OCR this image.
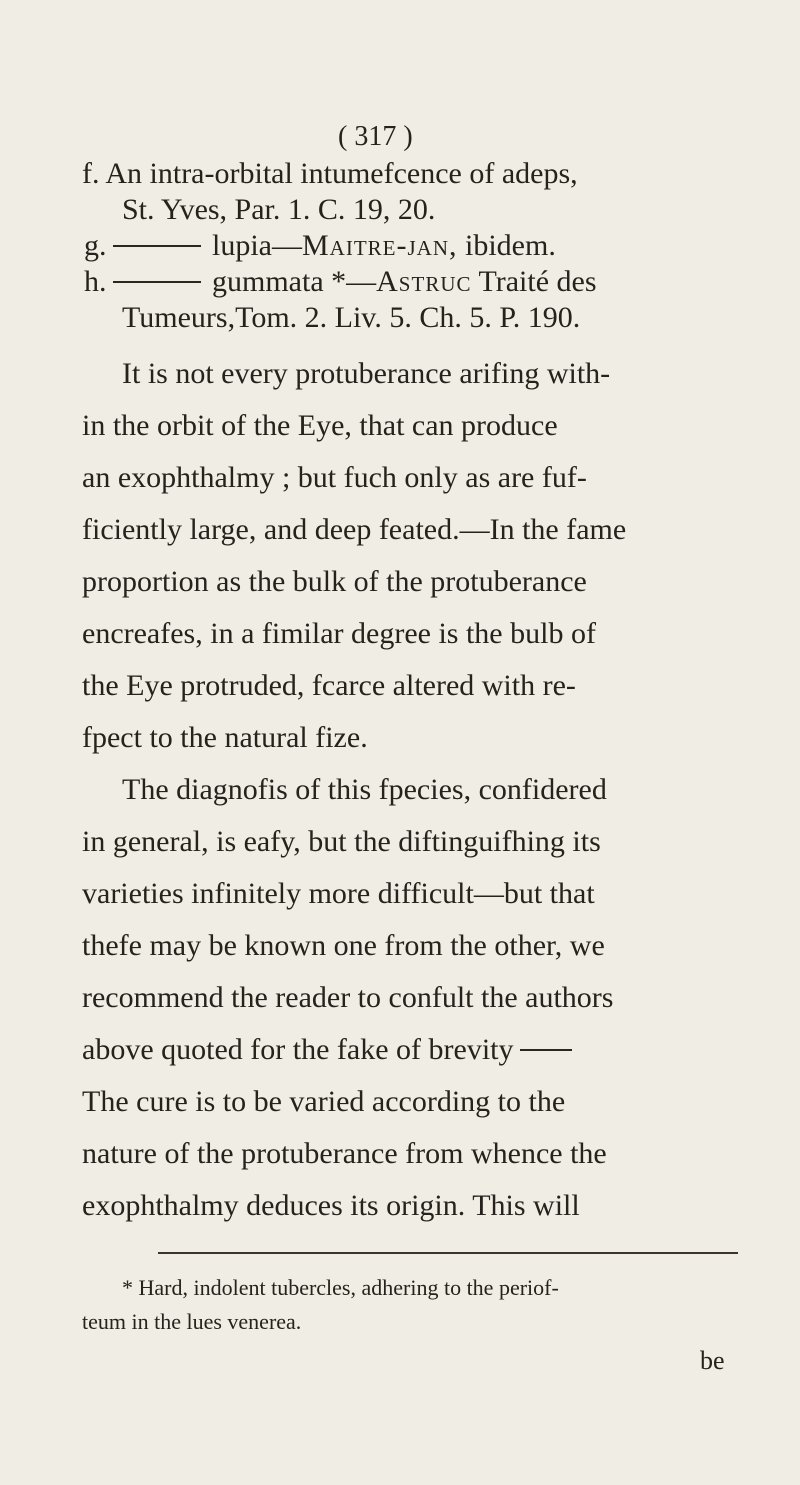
( 317 )
f. An intra-orbital intumefcence of adeps,
St. Yves, Par. 1. C. 19, 20.
g.	lupia—Maitre-jan, ibidem.
h.	gummata *—Astruc Traité des
Tumeurs,Tom. 2. Liv. 5. Ch. 5. P. 190.
It is not every protuberance arifing with-
in the orbit of the Eye, that can produce
an exophthalmy ; but fuch only as are fuf-
ficiently large, and deep feated.—In the fame
proportion as the bulk of the protuberance
encreafes, in a fimilar degree is the bulb of
the Eye protruded, fcarce altered with re-
fpect to the natural fize.
The diagnofis of this fpecies, confidered
in general, is eafy, but the diftinguifhing its
varieties infinitely more difficult—but that
thefe may be known one from the other, we
recommend the reader to confult the authors
above quoted for the fake of brevity
The cure is to be varied according to the
nature of the protuberance from whence the
exophthalmy deduces its origin. This will
* Hard, indolent tubercles, adhering to the periof-
teum in the lues venerea.
be
